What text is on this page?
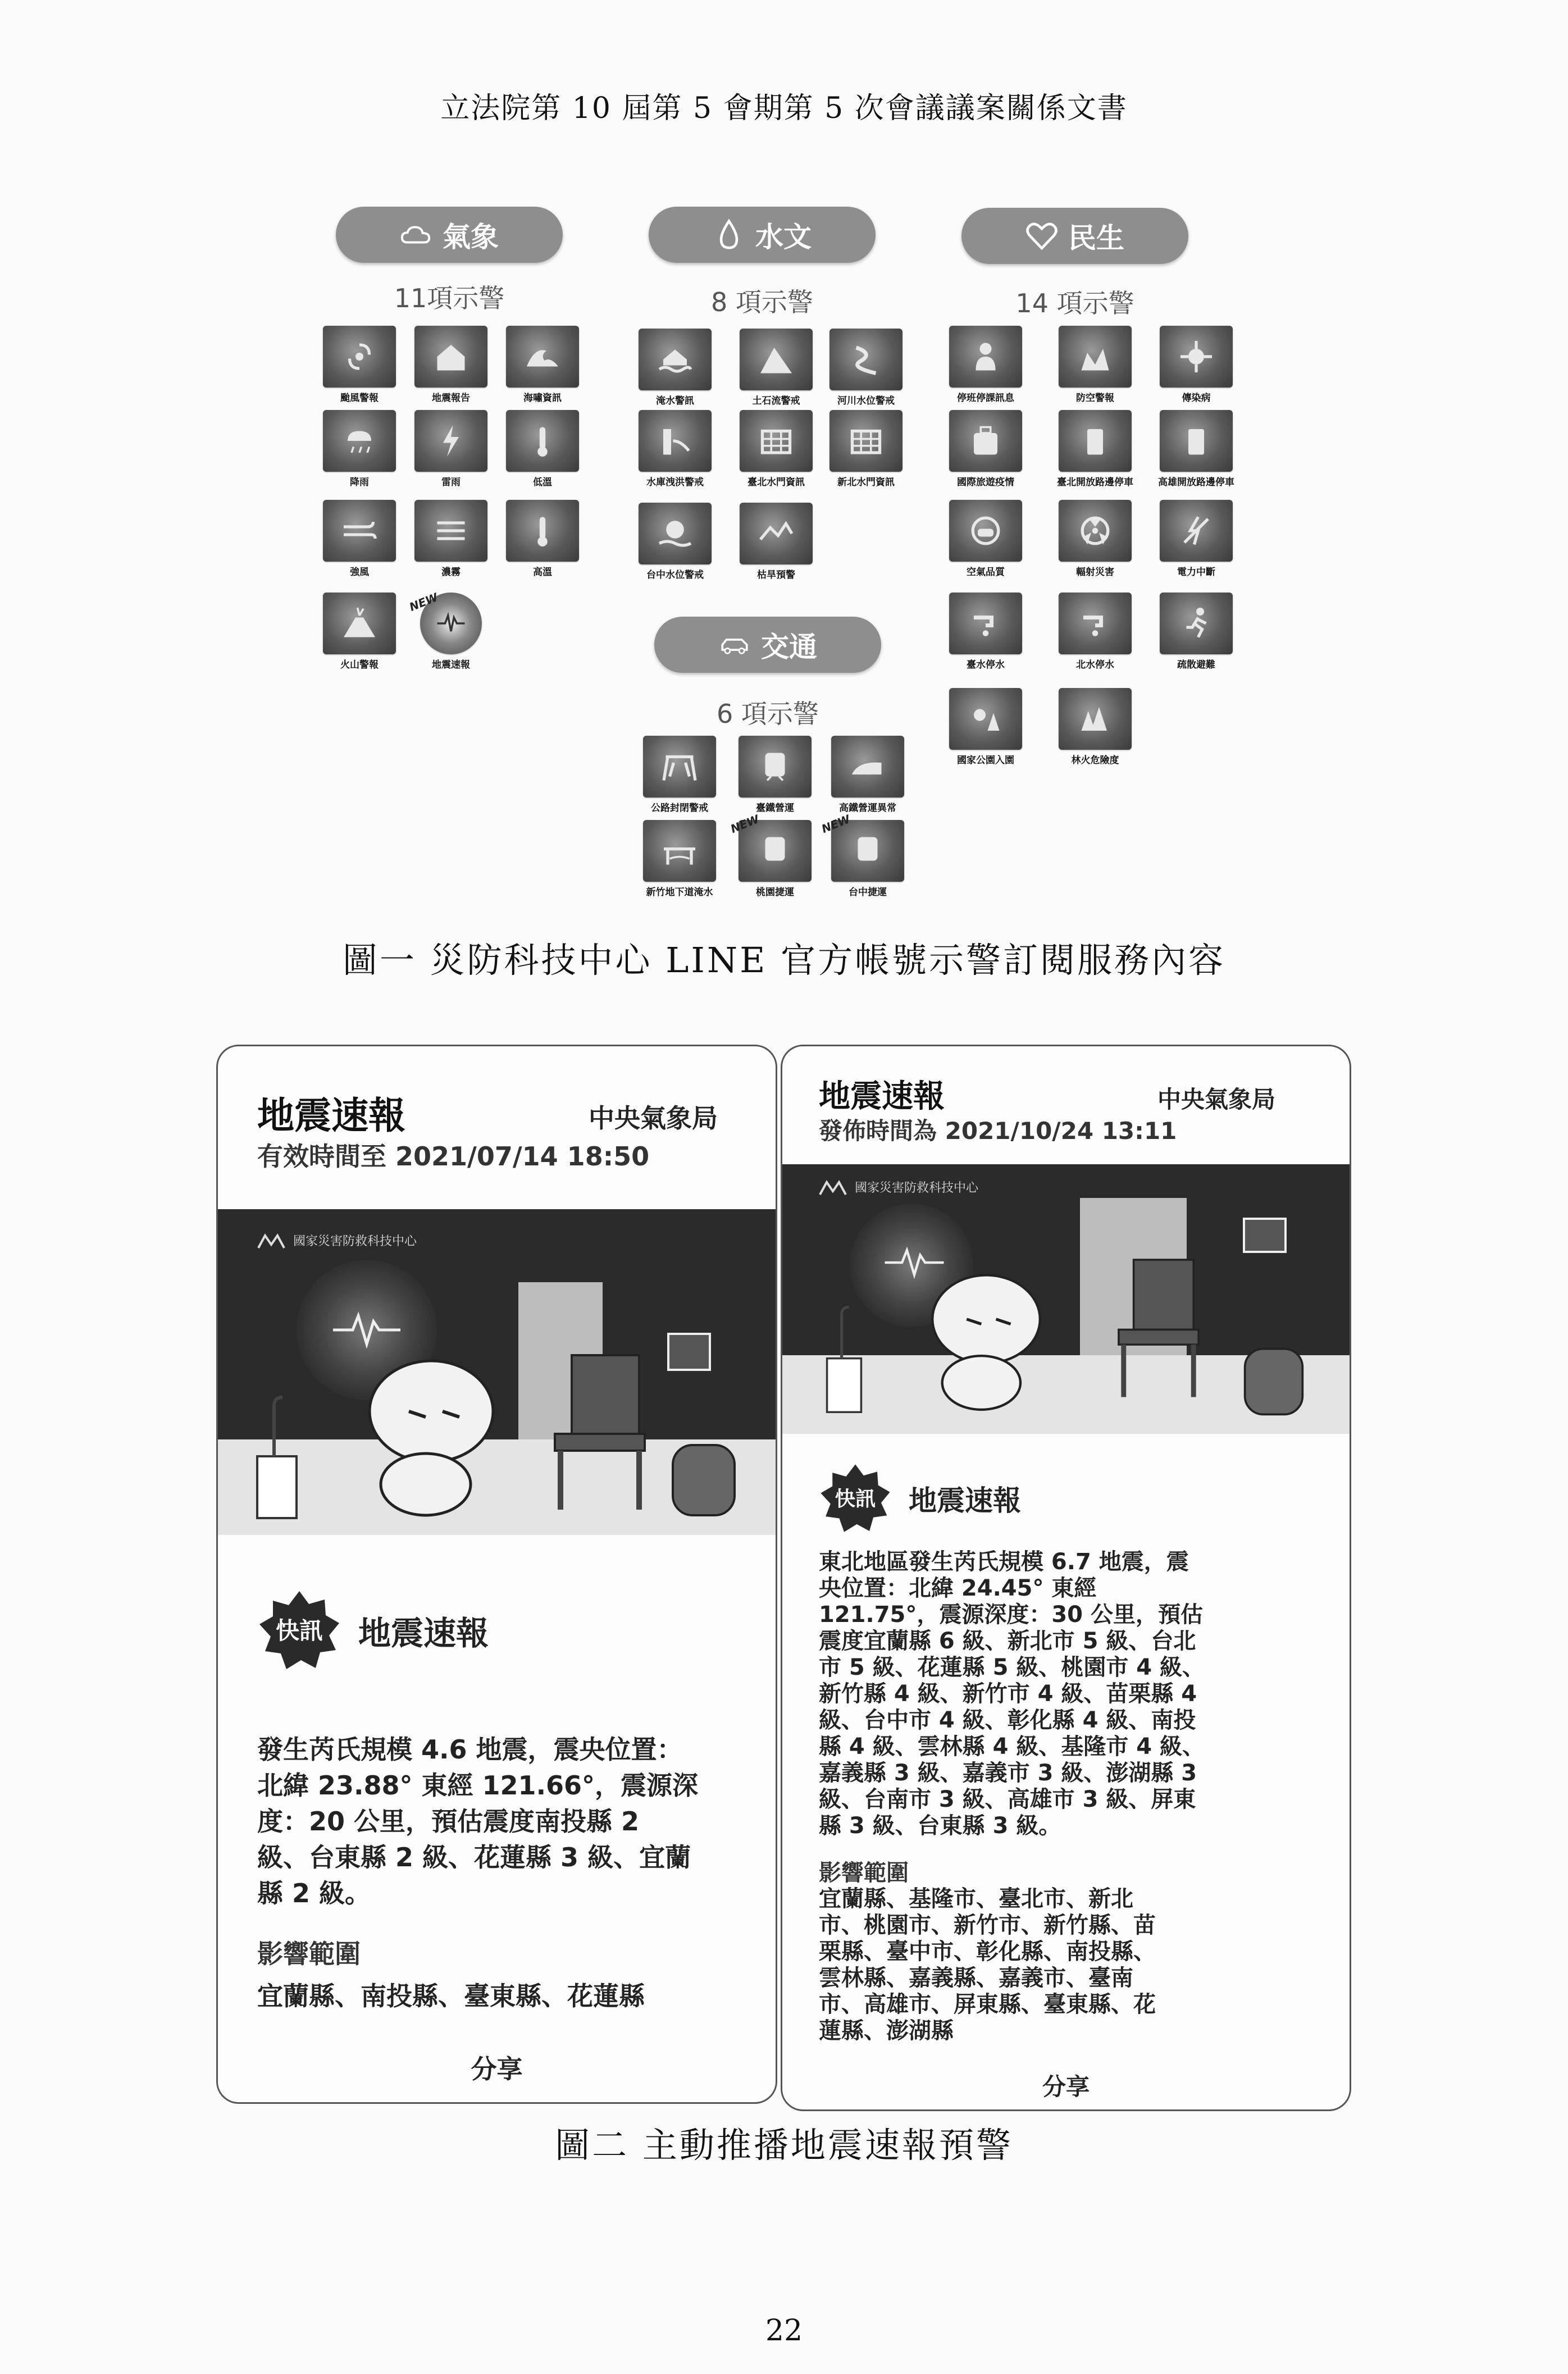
立法院第 10 屆第 5 會期第 5 次會議議案關係文書
氣象
11項示警
水文
8 項示警
民生
14 項示警
交通
6 項示警
颱風警報	地震報告	海嘯資訊
降雨	雷雨	低溫
強風	濃霧	高溫
火山警報	地震速報
NEW
淹水警訊	土石流警戒	河川水位警戒
水庫洩洪警戒	臺北水門資訊	新北水門資訊
台中水位警戒	枯旱預警
停班停課訊息	防空警報	傳染病
國際旅遊疫情	臺北開放路邊停車	高雄開放路邊停車
空氣品質	輻射災害	電力中斷
臺水停水	北水停水	疏散避難
國家公園入園	林火危險度
公路封閉警戒	臺鐵營運	高鐵營運異常
新竹地下道淹水	桃園捷運	台中捷運
NEW	NEW
圖一 災防科技中心 LINE 官方帳號示警訂閱服務內容
地震速報	中央氣象局
有效時間至 2021/07/14 18:50
國家災害防救科技中心
快訊 地震速報
發生芮氏規模 4.6 地震，震央位置：
北緯 23.88° 東經 121.66°，震源深
度：20 公里，預估震度南投縣 2
級、台東縣 2 級、花蓮縣 3 級、宜蘭
縣 2 級。
影響範圍
宜蘭縣、南投縣、臺東縣、花蓮縣
分享
地震速報	中央氣象局
發佈時間為 2021/10/24 13:11
國家災害防救科技中心
快訊 地震速報
東北地區發生芮氏規模 6.7 地震，震
央位置：北緯 24.45° 東經
121.75°，震源深度：30 公里，預估
震度宜蘭縣 6 級、新北市 5 級、台北
市 5 級、花蓮縣 5 級、桃園市 4 級、
新竹縣 4 級、新竹市 4 級、苗栗縣 4
級、台中市 4 級、彰化縣 4 級、南投
縣 4 級、雲林縣 4 級、基隆市 4 級、
嘉義縣 3 級、嘉義市 3 級、澎湖縣 3
級、台南市 3 級、高雄市 3 級、屏東
縣 3 級、台東縣 3 級。
影響範圍
宜蘭縣、基隆市、臺北市、新北
市、桃園市、新竹市、新竹縣、苗
栗縣、臺中市、彰化縣、南投縣、
雲林縣、嘉義縣、嘉義市、臺南
市、高雄市、屏東縣、臺東縣、花
蓮縣、澎湖縣
分享
圖二 主動推播地震速報預警
22
